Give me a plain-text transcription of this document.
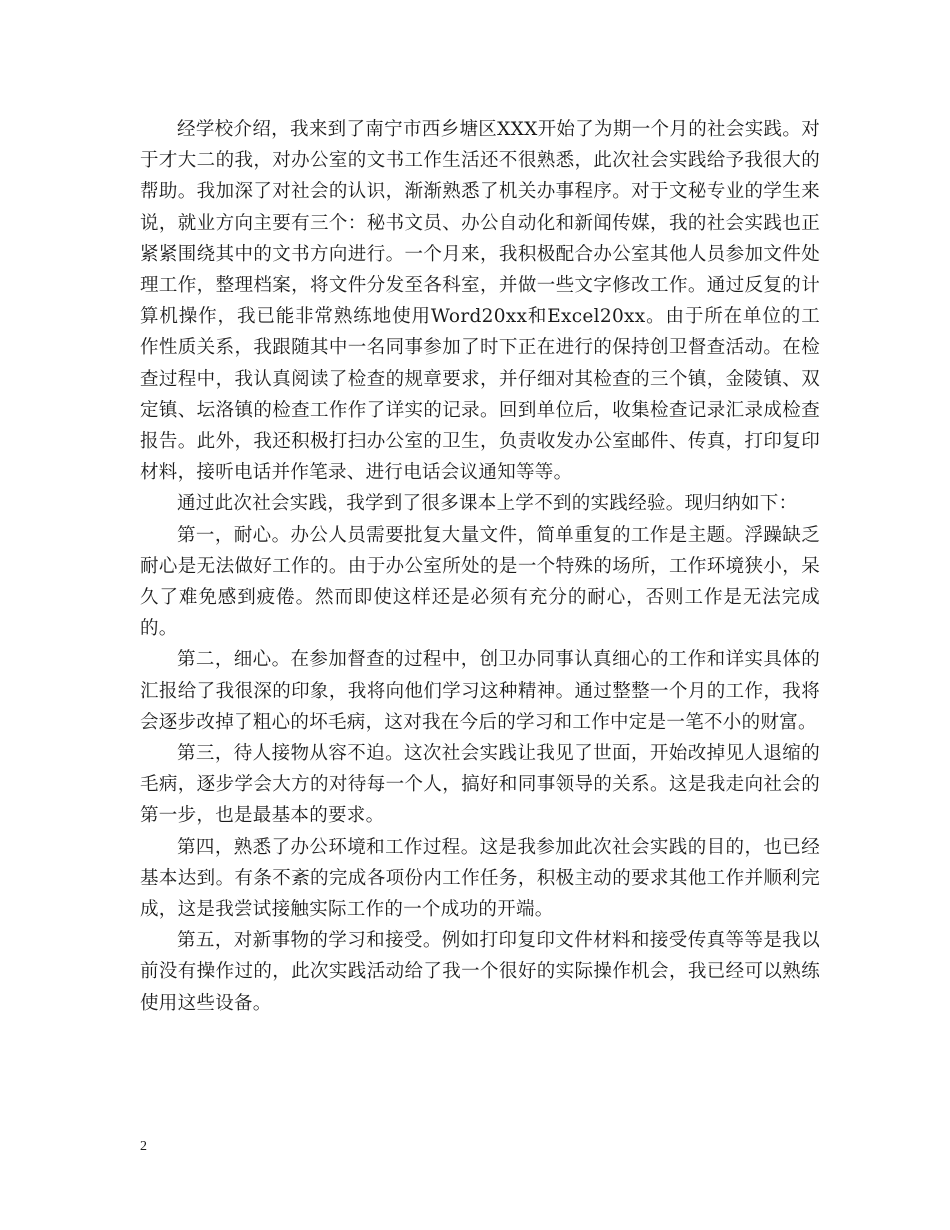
经学校介绍，我来到了南宁市西乡塘区XXX开始了为期一个月的社会实践。对于才大二的我，对办公室的文书工作生活还不很熟悉，此次社会实践给予我很大的帮助。我加深了对社会的认识，渐渐熟悉了机关办事程序。对于文秘专业的学生来说，就业方向主要有三个：秘书文员、办公自动化和新闻传媒，我的社会实践也正紧紧围绕其中的文书方向进行。一个月来，我积极配合办公室其他人员参加文件处理工作，整理档案，将文件分发至各科室，并做一些文字修改工作。通过反复的计算机操作，我已能非常熟练地使用Word20xx和Excel20xx。由于所在单位的工作性质关系，我跟随其中一名同事参加了时下正在进行的保持创卫督查活动。在检查过程中，我认真阅读了检查的规章要求，并仔细对其检查的三个镇，金陵镇、双定镇、坛洛镇的检查工作作了详实的记录。回到单位后，收集检查记录汇录成检查报告。此外，我还积极打扫办公室的卫生，负责收发办公室邮件、传真，打印复印材料，接听电话并作笔录、进行电话会议通知等等。

通过此次社会实践，我学到了很多课本上学不到的实践经验。现归纳如下：

第一，耐心。办公人员需要批复大量文件，简单重复的工作是主题。浮躁缺乏耐心是无法做好工作的。由于办公室所处的是一个特殊的场所，工作环境狭小，呆久了难免感到疲倦。然而即使这样还是必须有充分的耐心，否则工作是无法完成的。

第二，细心。在参加督查的过程中，创卫办同事认真细心的工作和详实具体的汇报给了我很深的印象，我将向他们学习这种精神。通过整整一个月的工作，我将会逐步改掉了粗心的坏毛病，这对我在今后的学习和工作中定是一笔不小的财富。

第三，待人接物从容不迫。这次社会实践让我见了世面，开始改掉见人退缩的毛病，逐步学会大方的对待每一个人，搞好和同事领导的关系。这是我走向社会的第一步，也是最基本的要求。

第四，熟悉了办公环境和工作过程。这是我参加此次社会实践的目的，也已经基本达到。有条不紊的完成各项份内工作任务，积极主动的要求其他工作并顺利完成，这是我尝试接触实际工作的一个成功的开端。

第五，对新事物的学习和接受。例如打印复印文件材料和接受传真等等是我以前没有操作过的，此次实践活动给了我一个很好的实际操作机会，我已经可以熟练使用这些设备。

2
